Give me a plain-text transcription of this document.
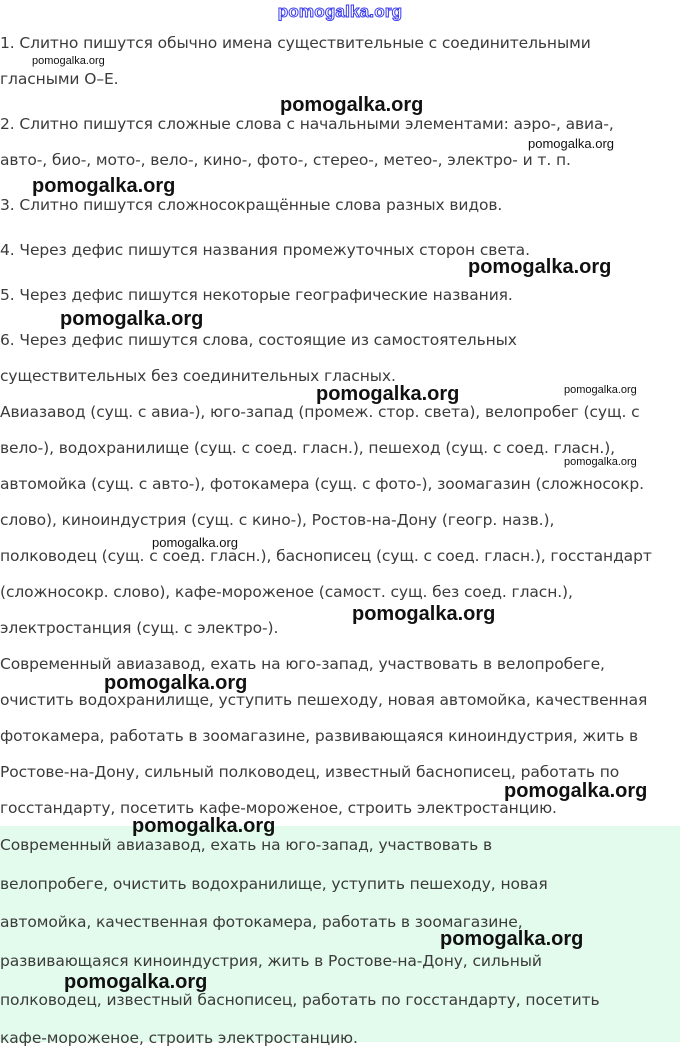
pomogalka.org
1. Слитно пишутся обычно имена существительные с соединительными
гласными О–Е.
2. Слитно пишутся сложные слова с начальными элементами: аэро-, авиа-,
авто-, био-, мото-, вело-, кино-, фото-, стерео-, метео-, электро- и т. п.
3. Слитно пишутся сложносокращённые слова разных видов.
4. Через дефис пишутся названия промежуточных сторон света.
5. Через дефис пишутся некоторые географические названия.
6. Через дефис пишутся слова, состоящие из самостоятельных
существительных без соединительных гласных.
Авиазавод (сущ. с авиа-), юго-запад (промеж. стор. света), велопробег (сущ. с
вело-), водохранилище (сущ. с соед. гласн.), пешеход (сущ. с соед. гласн.),
автомойка (сущ. с авто-), фотокамера (сущ. с фото-), зоомагазин (сложносокр.
слово), киноиндустрия (сущ. с кино-), Ростов-на-Дону (геогр. назв.),
полководец (сущ. с соед. гласн.), баснописец (сущ. с соед. гласн.), госстандарт
(сложносокр. слово), кафе-мороженое (самост. сущ. без соед. гласн.),
электростанция (сущ. с электро-).
Современный авиазавод, ехать на юго-запад, участвовать в велопробеге,
очистить водохранилище, уступить пешеходу, новая автомойка, качественная
фотокамера, работать в зоомагазине, развивающаяся киноиндустрия, жить в
Ростове-на-Дону, сильный полководец, известный баснописец, работать по
госстандарту, посетить кафе-мороженое, строить электростанцию.
Современный авиазавод, ехать на юго-запад, участвовать в
велопробеге, очистить водохранилище, уступить пешеходу, новая
автомойка, качественная фотокамера, работать в зоомагазине,
развивающаяся киноиндустрия, жить в Ростове-на-Дону, сильный
полководец, известный баснописец, работать по госстандарту, посетить
кафе-мороженое, строить электростанцию.
pomogalka.org
pomogalka.org
pomogalka.org
pomogalka.org
pomogalka.org
pomogalka.org
pomogalka.org	pomogalka.org
pomogalka.org
pomogalka.org
pomogalka.org
pomogalka.org
pomogalka.org
pomogalka.org
pomogalka.org
pomogalka.org
